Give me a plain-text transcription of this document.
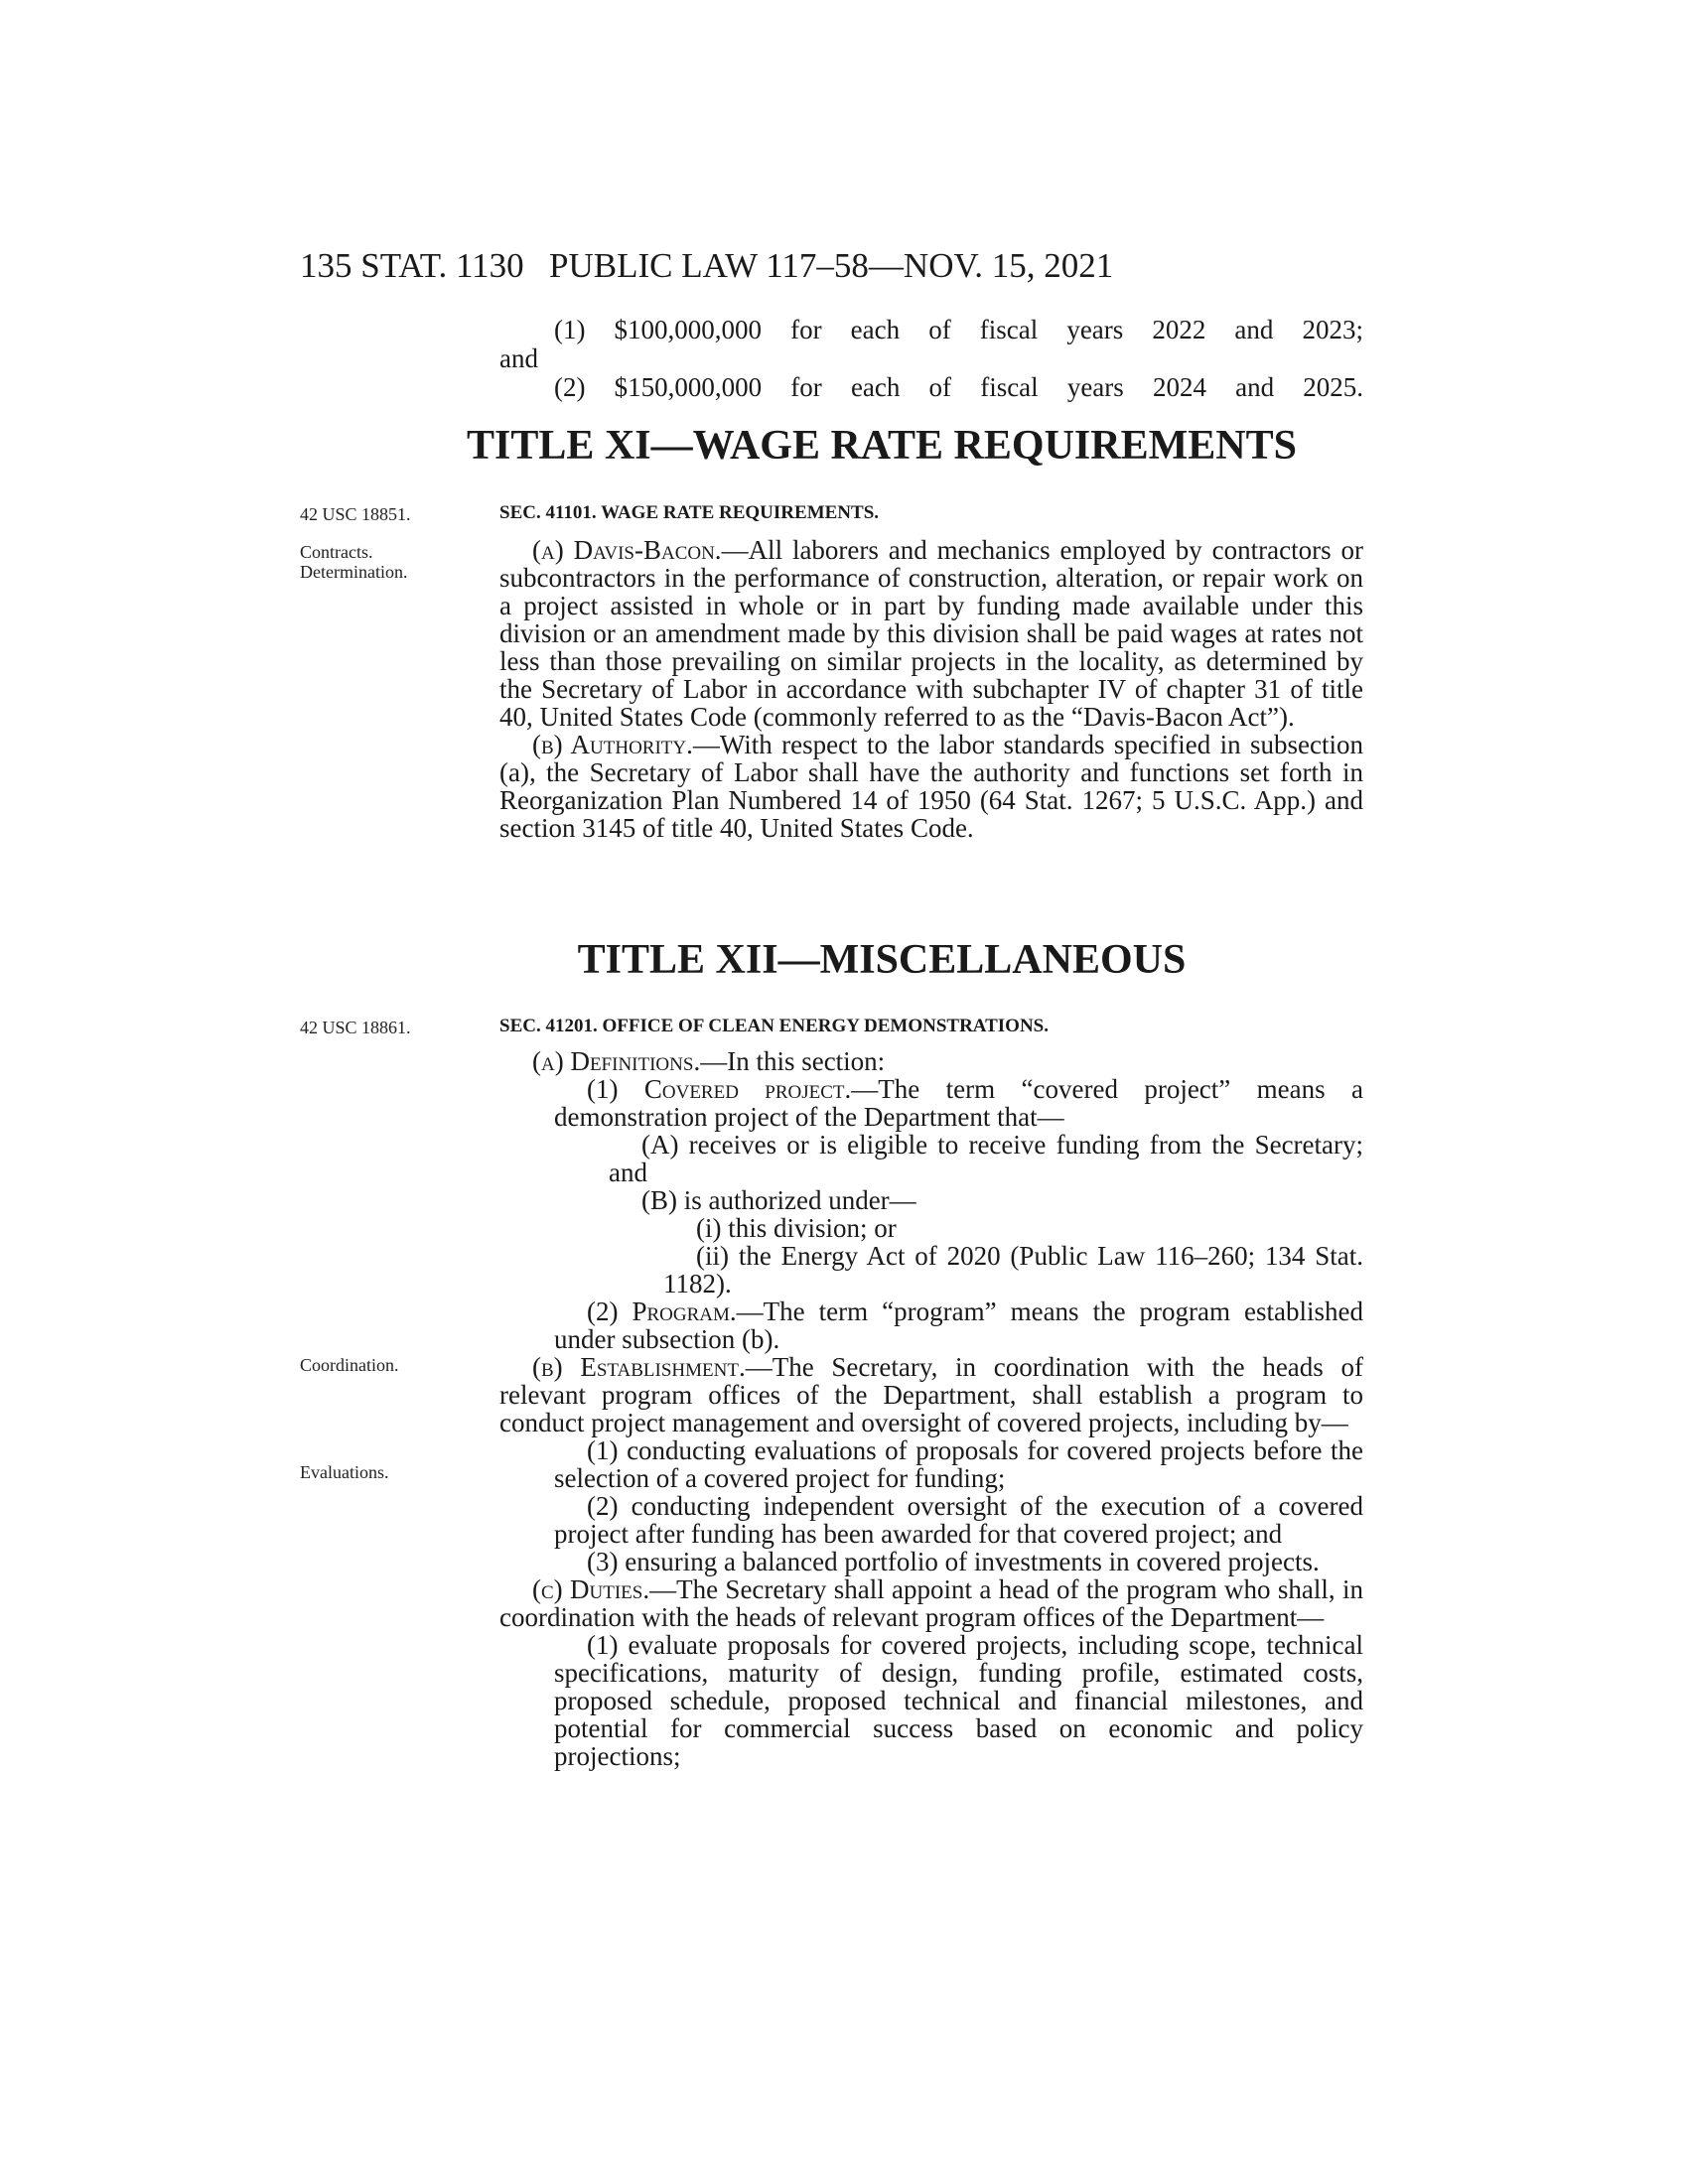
135 STAT. 1130 PUBLIC LAW 117–58—NOV. 15, 2021
(1) $100,000,000 for each of fiscal years 2022 and 2023;
and
(2) $150,000,000 for each of fiscal years 2024 and 2025.
TITLE XI—WAGE RATE REQUIREMENTS
42 USC 18851.	SEC. 41101. WAGE RATE REQUIREMENTS.
Contracts.
Determination.

(a) Davis-Bacon.—All laborers and mechanics employed by contractors or subcontractors in the performance of construction, alteration, or repair work on a project assisted in whole or in part by funding made available under this division or an amendment made by this division shall be paid wages at rates not less than those prevailing on similar projects in the locality, as determined by the Secretary of Labor in accordance with subchapter IV of chapter 31 of title 40, United States Code (commonly referred to as the “Davis-Bacon Act”).

(b) Authority.—With respect to the labor standards specified in subsection (a), the Secretary of Labor shall have the authority and functions set forth in Reorganization Plan Numbered 14 of 1950 (64 Stat. 1267; 5 U.S.C. App.) and section 3145 of title 40, United States Code.

TITLE XII—MISCELLANEOUS
42 USC 18861.	SEC. 41201. OFFICE OF CLEAN ENERGY DEMONSTRATIONS.
Coordination.
Evaluations.

(a) Definitions.—In this section:

(1) Covered project.—The term “covered project” means a demonstration project of the Department that—

(A) receives or is eligible to receive funding from the Secretary; and

(B) is authorized under—

(i) this division; or

(ii) the Energy Act of 2020 (Public Law 116–260; 134 Stat. 1182).

(2) Program.—The term “program” means the program established under subsection (b).

(b) Establishment.—The Secretary, in coordination with the heads of relevant program offices of the Department, shall establish a program to conduct project management and oversight of covered projects, including by—

(1) conducting evaluations of proposals for covered projects before the selection of a covered project for funding;

(2) conducting independent oversight of the execution of a covered project after funding has been awarded for that covered project; and

(3) ensuring a balanced portfolio of investments in covered projects.

(c) Duties.—The Secretary shall appoint a head of the program who shall, in coordination with the heads of relevant program offices of the Department—

(1) evaluate proposals for covered projects, including scope, technical specifications, maturity of design, funding profile, estimated costs, proposed schedule, proposed technical and financial milestones, and potential for commercial success based on economic and policy projections;
